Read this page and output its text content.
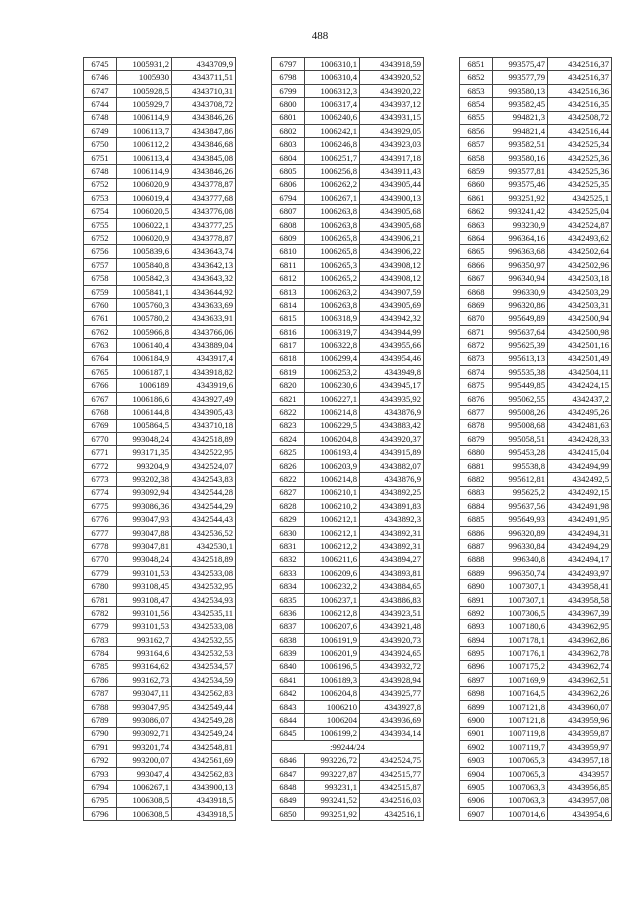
488
6745	1005931,2	4343709,9
6746	1005930	4343711,51
6747	1005928,5	4343710,31
6744	1005929,7	4343708,72
6748	1006114,9	4343846,26
6749	1006113,7	4343847,86
6750	1006112,2	4343846,68
6751	1006113,4	4343845,08
6748	1006114,9	4343846,26
6752	1006020,9	4343778,87
6753	1006019,4	4343777,68
6754	1006020,5	4343776,08
6755	1006022,1	4343777,25
6752	1006020,9	4343778,87
6756	1005839,6	4343643,74
6757	1005840,8	4343642,13
6758	1005842,3	4343643,32
6759	1005841,1	4343644,92
6760	1005760,3	4343633,69
6761	1005780,2	4343633,91
6762	1005966,8	4343766,06
6763	1006140,4	4343889,04
6764	1006184,9	4343917,4
6765	1006187,1	4343918,82
6766	1006189	4343919,6
6767	1006186,6	4343927,49
6768	1006144,8	4343905,43
6769	1005864,5	4343710,18
6770	993048,24	4342518,89
6771	993171,35	4342522,95
6772	993204,9	4342524,07
6773	993202,38	4342543,83
6774	993092,94	4342544,28
6775	993086,36	4342544,29
6776	993047,93	4342544,43
6777	993047,88	4342536,52
6778	993047,81	4342530,1
6770	993048,24	4342518,89
6779	993101,53	4342533,08
6780	993108,45	4342532,95
6781	993108,47	4342534,93
6782	993101,56	4342535,11
6779	993101,53	4342533,08
6783	993162,7	4342532,55
6784	993164,6	4342532,53
6785	993164,62	4342534,57
6786	993162,73	4342534,59
6787	993047,11	4342562,83
6788	993047,95	4342549,44
6789	993086,07	4342549,28
6790	993092,71	4342549,24
6791	993201,74	4342548,81
6792	993200,07	4342561,69
6793	993047,4	4342562,83
6794	1006267,1	4343900,13
6795	1006308,5	4343918,5
6796	1006308,5	4343918,5
6797	1006310,1	4343918,59
6798	1006310,4	4343920,52
6799	1006312,3	4343920,22
6800	1006317,4	4343937,12
6801	1006240,6	4343931,15
6802	1006242,1	4343929,05
6803	1006246,8	4343923,03
6804	1006251,7	4343917,18
6805	1006256,8	4343911,43
6806	1006262,2	4343905,44
6794	1006267,1	4343900,13
6807	1006263,8	4343905,68
6808	1006263,8	4343905,68
6809	1006265,8	4343906,21
6810	1006265,8	4343906,22
6811	1006265,3	4343908,12
6812	1006265,2	4343908,12
6813	1006263,2	4343907,59
6814	1006263,8	4343905,69
6815	1006318,9	4343942,32
6816	1006319,7	4343944,99
6817	1006322,8	4343955,66
6818	1006299,4	4343954,46
6819	1006253,2	4343949,8
6820	1006230,6	4343945,17
6821	1006227,1	4343935,92
6822	1006214,8	4343876,9
6823	1006229,5	4343883,42
6824	1006204,8	4343920,37
6825	1006193,4	4343915,89
6826	1006203,9	4343882,07
6822	1006214,8	4343876,9
6827	1006210,1	4343892,25
6828	1006210,2	4343891,83
6829	1006212,1	4343892,3
6830	1006212,1	4343892,31
6831	1006212,2	4343892,31
6832	1006211,6	4343894,27
6833	1006209,6	4343893,81
6834	1006232,2	4343884,65
6835	1006237,1	4343886,83
6836	1006212,8	4343923,51
6837	1006207,6	4343921,48
6838	1006191,9	4343920,73
6839	1006201,9	4343924,65
6840	1006196,5	4343932,72
6841	1006189,3	4343928,94
6842	1006204,8	4343925,77
6843	1006210	4343927,8
6844	1006204	4343936,69
6845	1006199,2	4343934,14
:99244/24		
6846	993226,72	4342524,75
6847	993227,87	4342515,77
6848	993231,1	4342515,87
6849	993241,52	4342516,03
6850	993251,92	4342516,1
6851	993575,47	4342516,37
6852	993577,79	4342516,37
6853	993580,13	4342516,36
6854	993582,45	4342516,35
6855	994821,3	4342508,72
6856	994821,4	4342516,44
6857	993582,51	4342525,34
6858	993580,16	4342525,36
6859	993577,81	4342525,36
6860	993575,46	4342525,35
6861	993251,92	4342525,1
6862	993241,42	4342525,04
6863	993230,9	4342524,87
6864	996364,16	4342493,62
6865	996363,68	4342502,64
6866	996350,97	4342502,96
6867	996340,94	4342503,18
6868	996330,9	4342503,29
6869	996320,86	4342503,31
6870	995649,89	4342500,94
6871	995637,64	4342500,98
6872	995625,39	4342501,16
6873	995613,13	4342501,49
6874	995535,38	4342504,11
6875	995449,85	4342424,15
6876	995062,55	4342437,2
6877	995008,26	4342495,26
6878	995008,68	4342481,63
6879	995058,51	4342428,33
6880	995453,28	4342415,04
6881	995538,8	4342494,99
6882	995612,81	4342492,5
6883	995625,2	4342492,15
6884	995637,56	4342491,98
6885	995649,93	4342491,95
6886	996320,89	4342494,31
6887	996330,84	4342494,29
6888	996340,8	4342494,17
6889	996350,74	4342493,97
6890	1007307,1	4343958,41
6891	1007307,1	4343958,58
6892	1007306,5	4343967,39
6893	1007180,6	4343962,95
6894	1007178,1	4343962,86
6895	1007176,1	4343962,78
6896	1007175,2	4343962,74
6897	1007169,9	4343962,51
6898	1007164,5	4343962,26
6899	1007121,8	4343960,07
6900	1007121,8	4343959,96
6901	1007119,8	4343959,87
6902	1007119,7	4343959,97
6903	1007065,3	4343957,18
6904	1007065,3	4343957
6905	1007063,3	4343956,85
6906	1007063,3	4343957,08
6907	1007014,6	4343954,6
